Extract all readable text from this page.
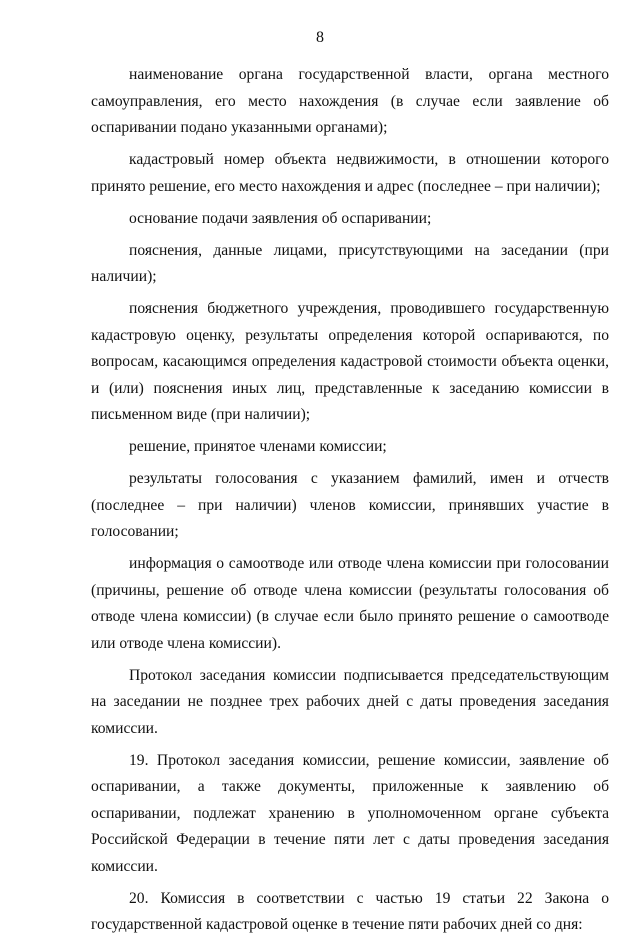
8

наименование органа государственной власти, органа местного самоуправления, его место нахождения (в случае если заявление об оспаривании подано указанными органами);

кадастровый номер объекта недвижимости, в отношении которого принято решение, его место нахождения и адрес (последнее – при наличии);

основание подачи заявления об оспаривании;

пояснения, данные лицами, присутствующими на заседании (при наличии);

пояснения бюджетного учреждения, проводившего государственную кадастровую оценку, результаты определения которой оспариваются, по вопросам, касающимся определения кадастровой стоимости объекта оценки, и (или) пояснения иных лиц, представленные к заседанию комиссии в письменном виде (при наличии);

решение, принятое членами комиссии;

результаты голосования с указанием фамилий, имен и отчеств (последнее – при наличии) членов комиссии, принявших участие в голосовании;

информация о самоотводе или отводе члена комиссии при голосовании (причины, решение об отводе члена комиссии (результаты голосования об отводе члена комиссии) (в случае если было принято решение о самоотводе или отводе члена комиссии).

Протокол заседания комиссии подписывается председательствующим на заседании не позднее трех рабочих дней с даты проведения заседания комиссии.

19. Протокол заседания комиссии, решение комиссии, заявление об оспаривании, а также документы, приложенные к заявлению об оспаривании, подлежат хранению в уполномоченном органе субъекта Российской Федерации в течение пяти лет с даты проведения заседания комиссии.

20. Комиссия в соответствии с частью 19 статьи 22 Закона о государственной кадастровой оценке в течение пяти рабочих дней со дня:
